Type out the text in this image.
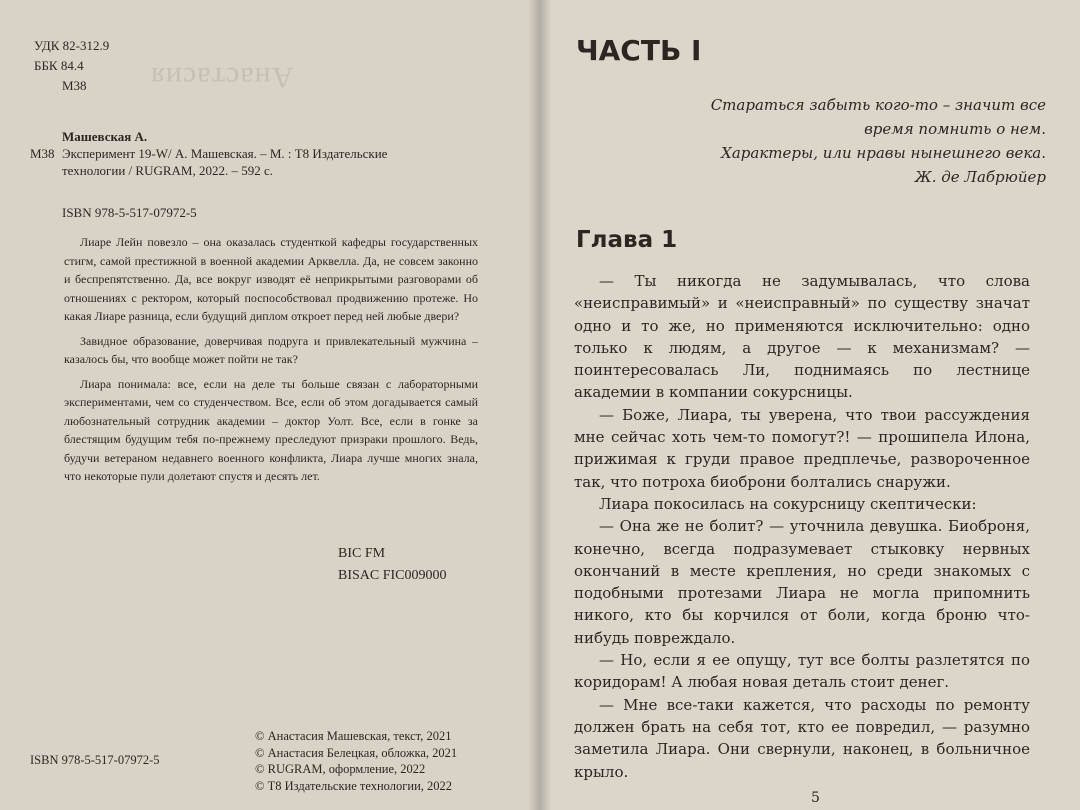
Анастасия
УДК 82-312.9
ББК 84.4
М38
Машевская А.
М38 Эксперимент 19-W/ А. Машевская. – М. : Т8 Издательские
технологии / RUGRAM, 2022. – 592 с.
ISBN 978-5-517-07972-5

Лиаре Лейн повезло – она оказалась студенткой кафедры государственных стигм, самой престижной в военной академии Арквелла. Да, не совсем законно и беспрепятственно. Да, все вокруг изводят её неприкрытыми разговорами об отношениях с ректором, который поспособствовал продвижению протеже. Но какая Лиаре разница, если будущий диплом откроет перед ней любые двери?

Завидное образование, доверчивая подруга и привлекательный мужчина – казалось бы, что вообще может пойти не так?

Лиара понимала: все, если на деле ты больше связан с лабораторными экспериментами, чем со студенчеством. Все, если об этом догадывается самый любознательный сотрудник академии – доктор Уолт. Все, если в гонке за блестящим будущим тебя по-прежнему преследуют призраки прошлого. Ведь, будучи ветераном недавнего военного конфликта, Лиара лучше многих знала, что некоторые пули долетают спустя и десять лет.

BIC FM
BISAC FIC009000
ISBN 978-5-517-07972-5
© Анастасия Машевская, текст, 2021
© Анастасия Белецкая, обложка, 2021
© RUGRAM, оформление, 2022
© Т8 Издательские технологии, 2022
ЧАСТЬ I
Стараться забыть кого-то – значит все
время помнить о нем.
Характеры, или нравы нынешнего века.
Ж. де Лабрюйер
Глава 1

— Ты никогда не задумывалась, что слова «неисправимый» и «неисправный» по существу значат одно и то же, но применяются исключительно: одно только к людям, а другое — к механизмам? — поинтересовалась Ли, поднимаясь по лестнице академии в компании сокурсницы.

— Боже, Лиара, ты уверена, что твои рассуждения мне сейчас хоть чем-то помогут?! — прошипела Илона, прижимая к груди правое предплечье, развороченное так, что потроха биоброни болтались снаружи.

Лиара покосилась на сокурсницу скептически:

— Она же не болит? — уточнила девушка. Биоброня, конечно, всегда подразумевает стыковку нервных окончаний в месте крепления, но среди знакомых с подобными протезами Лиара не могла припомнить никого, кто бы корчился от боли, когда броню что-нибудь повреждало.

— Но, если я ее опущу, тут все болты разлетятся по коридорам! А любая новая деталь стоит денег.

— Мне все-таки кажется, что расходы по ремонту должен брать на себя тот, кто ее повредил, — разумно заметила Лиара. Они свернули, наконец, в больничное крыло.

5
